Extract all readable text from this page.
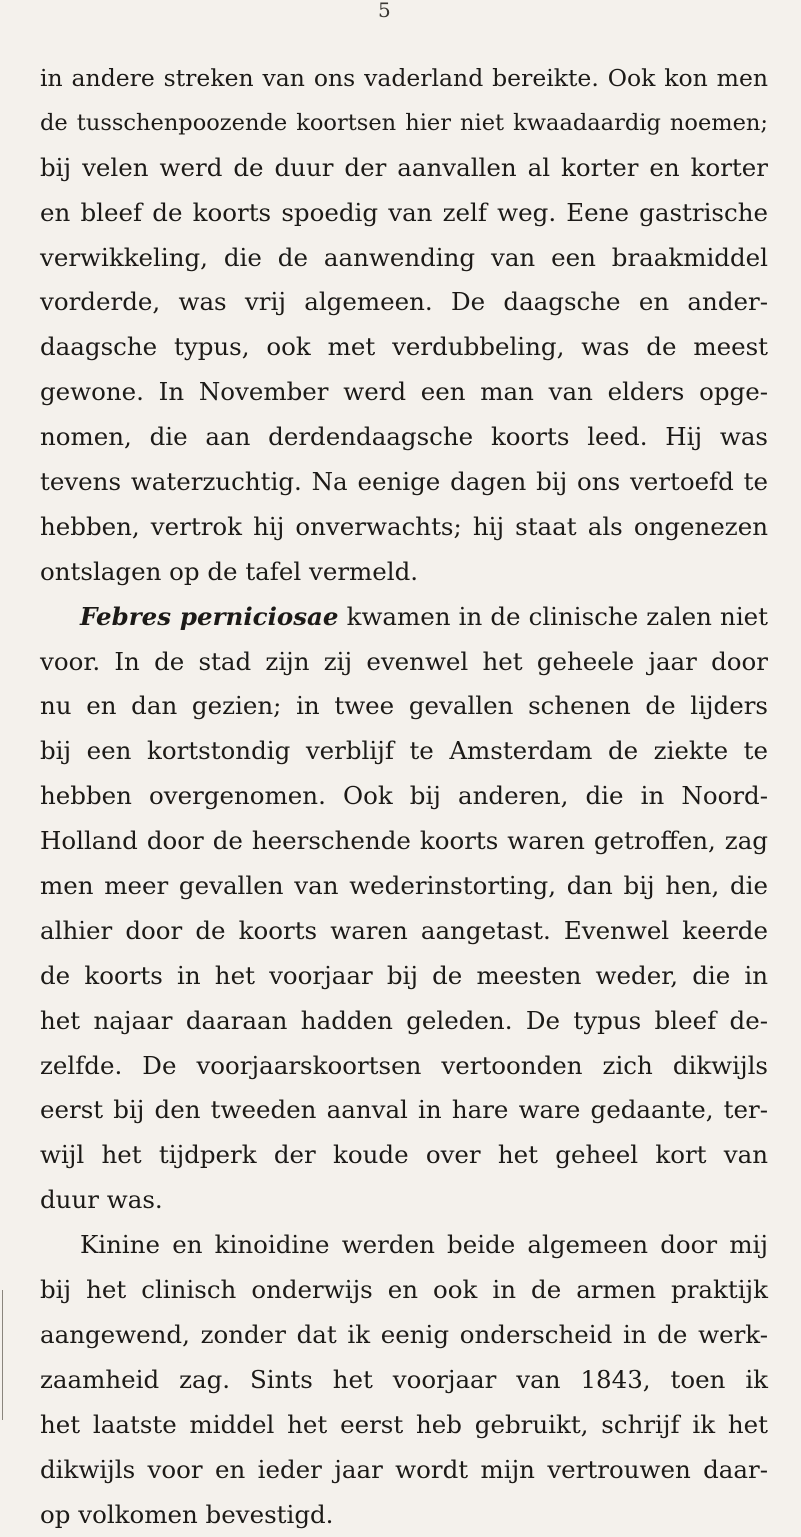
5
in andere streken van ons vaderland bereikte. Ook kon men
de tusschenpoozende koortsen hier niet kwaadaardig noemen;
bij velen werd de duur der aanvallen al korter en korter
en bleef de koorts spoedig van zelf weg. Eene gastrische
verwikkeling, die de aanwending van een braakmiddel
vorderde, was vrij algemeen. De daagsche en ander-
daagsche typus, ook met verdubbeling, was de meest
gewone. In November werd een man van elders opge-
nomen, die aan derdendaagsche koorts leed. Hij was
tevens waterzuchtig. Na eenige dagen bij ons vertoefd te
hebben, vertrok hij onverwachts; hij staat als ongenezen
ontslagen op de tafel vermeld.
Febres perniciosae kwamen in de clinische zalen niet
voor. In de stad zijn zij evenwel het geheele jaar door
nu en dan gezien; in twee gevallen schenen de lijders
bij een kortstondig verblijf te Amsterdam de ziekte te
hebben overgenomen. Ook bij anderen, die in Noord-
Holland door de heerschende koorts waren getroffen, zag
men meer gevallen van wederinstorting, dan bij hen, die
alhier door de koorts waren aangetast. Evenwel keerde
de koorts in het voorjaar bij de meesten weder, die in
het najaar daaraan hadden geleden. De typus bleef de-
zelfde. De voorjaarskoortsen vertoonden zich dikwijls
eerst bij den tweeden aanval in hare ware gedaante, ter-
wijl het tijdperk der koude over het geheel kort van
duur was.
Kinine en kinoidine werden beide algemeen door mij
bij het clinisch onderwijs en ook in de armen praktijk
aangewend, zonder dat ik eenig onderscheid in de werk-
zaamheid zag. Sints het voorjaar van 1843, toen ik
het laatste middel het eerst heb gebruikt, schrijf ik het
dikwijls voor en ieder jaar wordt mijn vertrouwen daar-
op volkomen bevestigd.
